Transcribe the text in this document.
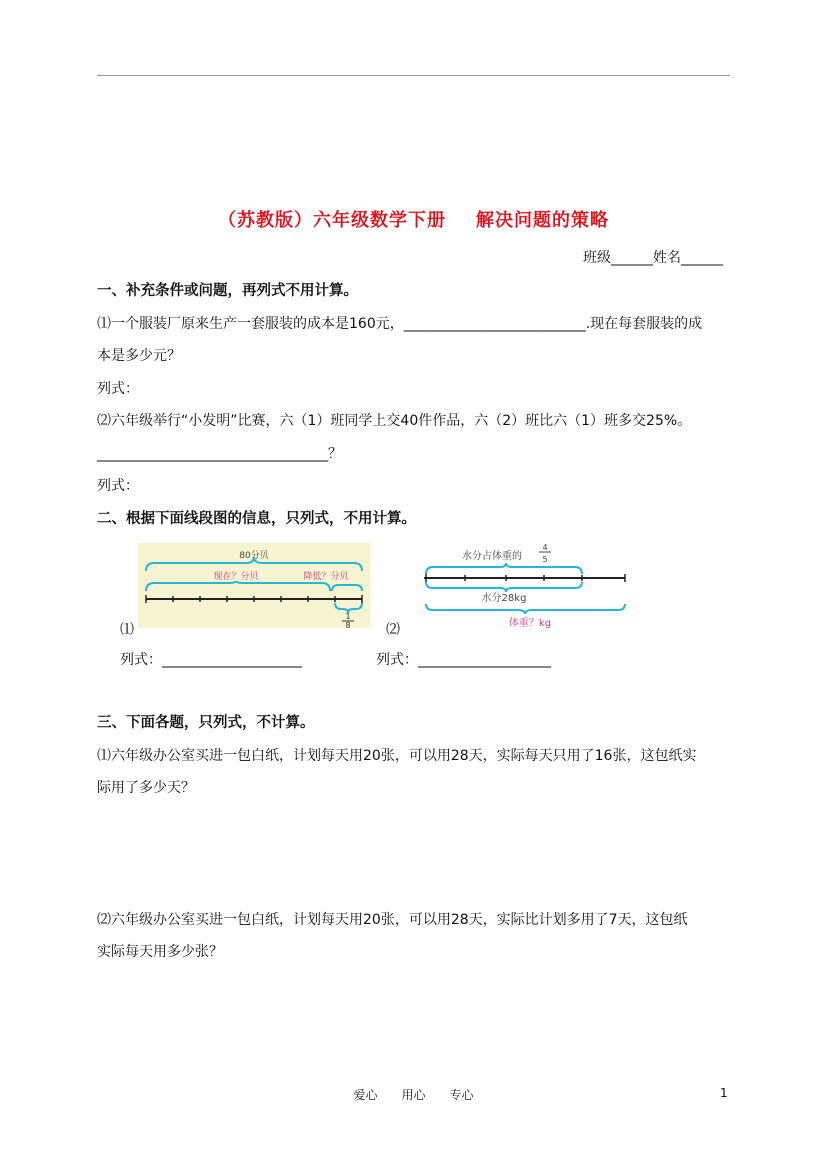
（苏教版）六年级数学下册 解决问题的策略
班级______姓名______
一、补充条件或问题，再列式不用计算。
⑴一个服装厂原来生产一套服装的成本是160元，__________________________.现在每套服装的成
本是多少元？
列式：
⑵六年级举行“小发明”比赛，六（1）班同学上交40件作品，六（2）班比六（1）班多交25%。
_________________________________？
列式：
二、根据下面线段图的信息，只列式，不用计算。
80分贝
现在？分贝	降低？分贝
1
8
⑴
水分占体重的
4
5
水分28kg
体重？kg
⑵
列式：____________________	列式：___________________
三、下面各题，只列式，不计算。
⑴六年级办公室买进一包白纸，计划每天用20张，可以用28天，实际每天只用了16张，这包纸实
际用了多少天？
⑵六年级办公室买进一包白纸，计划每天用20张，可以用28天，实际比计划多用了7天，这包纸
实际每天用多少张？
爱心　　用心　　专心	1
